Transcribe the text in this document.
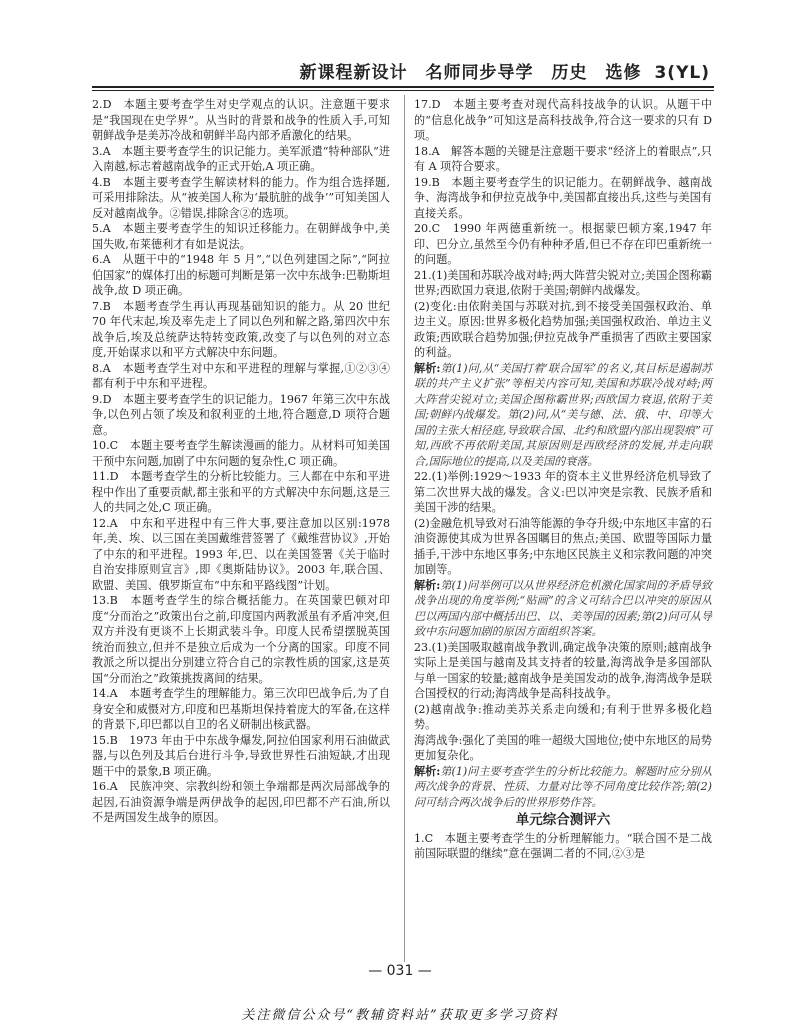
新课程新设计　名师同步导学　历史　选修 3(YL)

2.D　本题主要考查学生对史学观点的认识。注意题干要求是“我国现在史学界”。从当时的背景和战争的性质入手,可知朝鲜战争是美苏冷战和朝鲜半岛内部矛盾激化的结果。

3.A　本题主要考查学生的识记能力。美军派遣“特种部队”进入南越,标志着越南战争的正式开始,A 项正确。

4.B　本题主要考查学生解读材料的能力。作为组合选择题,可采用排除法。从“被美国人称为‘最肮脏的战争’”可知美国人反对越南战争。②错误,排除含②的选项。

5.A　本题主要考查学生的知识迁移能力。在朝鲜战争中,美国失败,布莱德利才有如是说法。

6.A　从题干中的“1948 年 5 月”,“以色列建国之际”,“阿拉伯国家”的媒体打出的标题可判断是第一次中东战争:巴勒斯坦战争,故 D 项正确。

7.B　本题考查学生再认再现基础知识的能力。从 20 世纪 70 年代末起,埃及率先走上了同以色列和解之路,第四次中东战争后,埃及总统萨达特转变政策,改变了与以色列的对立态度,开始谋求以和平方式解决中东问题。

8.A　本题考查学生对中东和平进程的理解与掌握,①②③④都有利于中东和平进程。

9.D　本题主要考查学生的识记能力。1967 年第三次中东战争,以色列占领了埃及和叙利亚的土地,符合题意,D 项符合题意。

10.C　本题主要考查学生解读漫画的能力。从材料可知美国干预中东问题,加剧了中东问题的复杂性,C 项正确。

11.D　本题考查学生的分析比较能力。三人都在中东和平进程中作出了重要贡献,都主张和平的方式解决中东问题,这是三人的共同之处,C 项正确。

12.A　中东和平进程中有三件大事,要注意加以区别:1978 年,美、埃、以三国在美国戴维营签署了《戴维营协议》,开始了中东的和平进程。1993 年,巴、以在美国签署《关于临时自治安排原则宣言》,即《奥斯陆协议》。2003 年,联合国、欧盟、美国、俄罗斯宣布“中东和平路线图”计划。

13.B　本题考查学生的综合概括能力。在英国蒙巴顿对印度“分而治之”政策出台之前,印度国内两教派虽有矛盾冲突,但双方并没有更谈不上长期武装斗争。印度人民希望摆脱英国统治而独立,但并不是独立后成为一个分离的国家。印度不同教派之所以提出分别建立符合自己的宗教性质的国家,这是英国“分而治之”政策挑拨离间的结果。

14.A　本题考查学生的理解能力。第三次印巴战争后,为了自身安全和威慑对方,印度和巴基斯坦保持着庞大的军备,在这样的背景下,印巴都以自卫的名义研制出核武器。

15.B　1973 年由于中东战争爆发,阿拉伯国家利用石油做武器,与以色列及其后台进行斗争,导致世界性石油短缺,才出现题干中的景象,B 项正确。

16.A　民族冲突、宗教纠纷和领土争端都是两次局部战争的起因,石油资源争端是两伊战争的起因,印巴都不产石油,所以不是两国发生战争的原因。

17.D　本题主要考查对现代高科技战争的认识。从题干中的“信息化战争”可知这是高科技战争,符合这一要求的只有 D 项。

18.A　解答本题的关键是注意题干要求“经济上的着眼点”,只有 A 项符合要求。

19.B　本题主要考查学生的识记能力。在朝鲜战争、越南战争、海湾战争和伊拉克战争中,美国都直接出兵,这些与美国有直接关系。

20.C　1990 年两德重新统一。根据蒙巴顿方案,1947 年印、巴分立,虽然至今仍有种种矛盾,但已不存在印巴重新统一的问题。

21.(1)美国和苏联冷战对峙;两大阵营尖锐对立;美国企图称霸世界;西欧国力衰退,依附于美国;朝鲜内战爆发。

(2)变化:由依附美国与苏联对抗,到不接受美国强权政治、单边主义。原因:世界多极化趋势加强;美国强权政治、单边主义政策;西欧联合趋势加强;伊拉克战争严重损害了西欧主要国家的利益。

解析:第(1)问,从“美国打着‘联合国军’的名义,其目标是遏制苏联的共产主义扩张”等相关内容可知,美国和苏联冷战对峙;两大阵营尖锐对立;美国企图称霸世界;西欧国力衰退,依附于美国;朝鲜内战爆发。第(2)问,从“美与德、法、俄、中、印等大国的主张大相径庭,导致联合国、北约和欧盟内部出现裂痕”可知,西欧不再依附美国,其原因则是西欧经济的发展,并走向联合,国际地位的提高,以及美国的衰落。

22.(1)举例:1929～1933 年的资本主义世界经济危机导致了第二次世界大战的爆发。含义:巴以冲突是宗教、民族矛盾和美国干涉的结果。

(2)金融危机导致对石油等能源的争夺升级;中东地区丰富的石油资源使其成为世界各国瞩目的焦点;美国、欧盟等国际力量插手,干涉中东地区事务;中东地区民族主义和宗教问题的冲突加剧等。

解析:第(1)问举例可以从世界经济危机激化国家间的矛盾导致战争出现的角度举例;“贴画”的含义可结合巴以冲突的原因从巴以两国内部中概括出巴、以、美等国的因素;第(2)问可从导致中东问题加剧的原因方面组织答案。

23.(1)美国吸取越南战争教训,确定战争决策的原则;越南战争实际上是美国与越南及其支持者的较量,海湾战争是多国部队与单一国家的较量;越南战争是美国发动的战争,海湾战争是联合国授权的行动;海湾战争是高科技战争。

(2)越南战争:推动美苏关系走向缓和;有利于世界多极化趋势。

海湾战争:强化了美国的唯一超级大国地位;使中东地区的局势更加复杂化。

解析:第(1)问主要考查学生的分析比较能力。解题时应分别从两次战争的背景、性质、力量对比等不同角度比较作答;第(2)问可结合两次战争后的世界形势作答。

单元综合测评六

1.C　本题主要考查学生的分析理解能力。“联合国不是二战前国际联盟的继续”意在强调二者的不同,②③是

— 031 —
关注微信公众号“教辅资料站”获取更多学习资料
